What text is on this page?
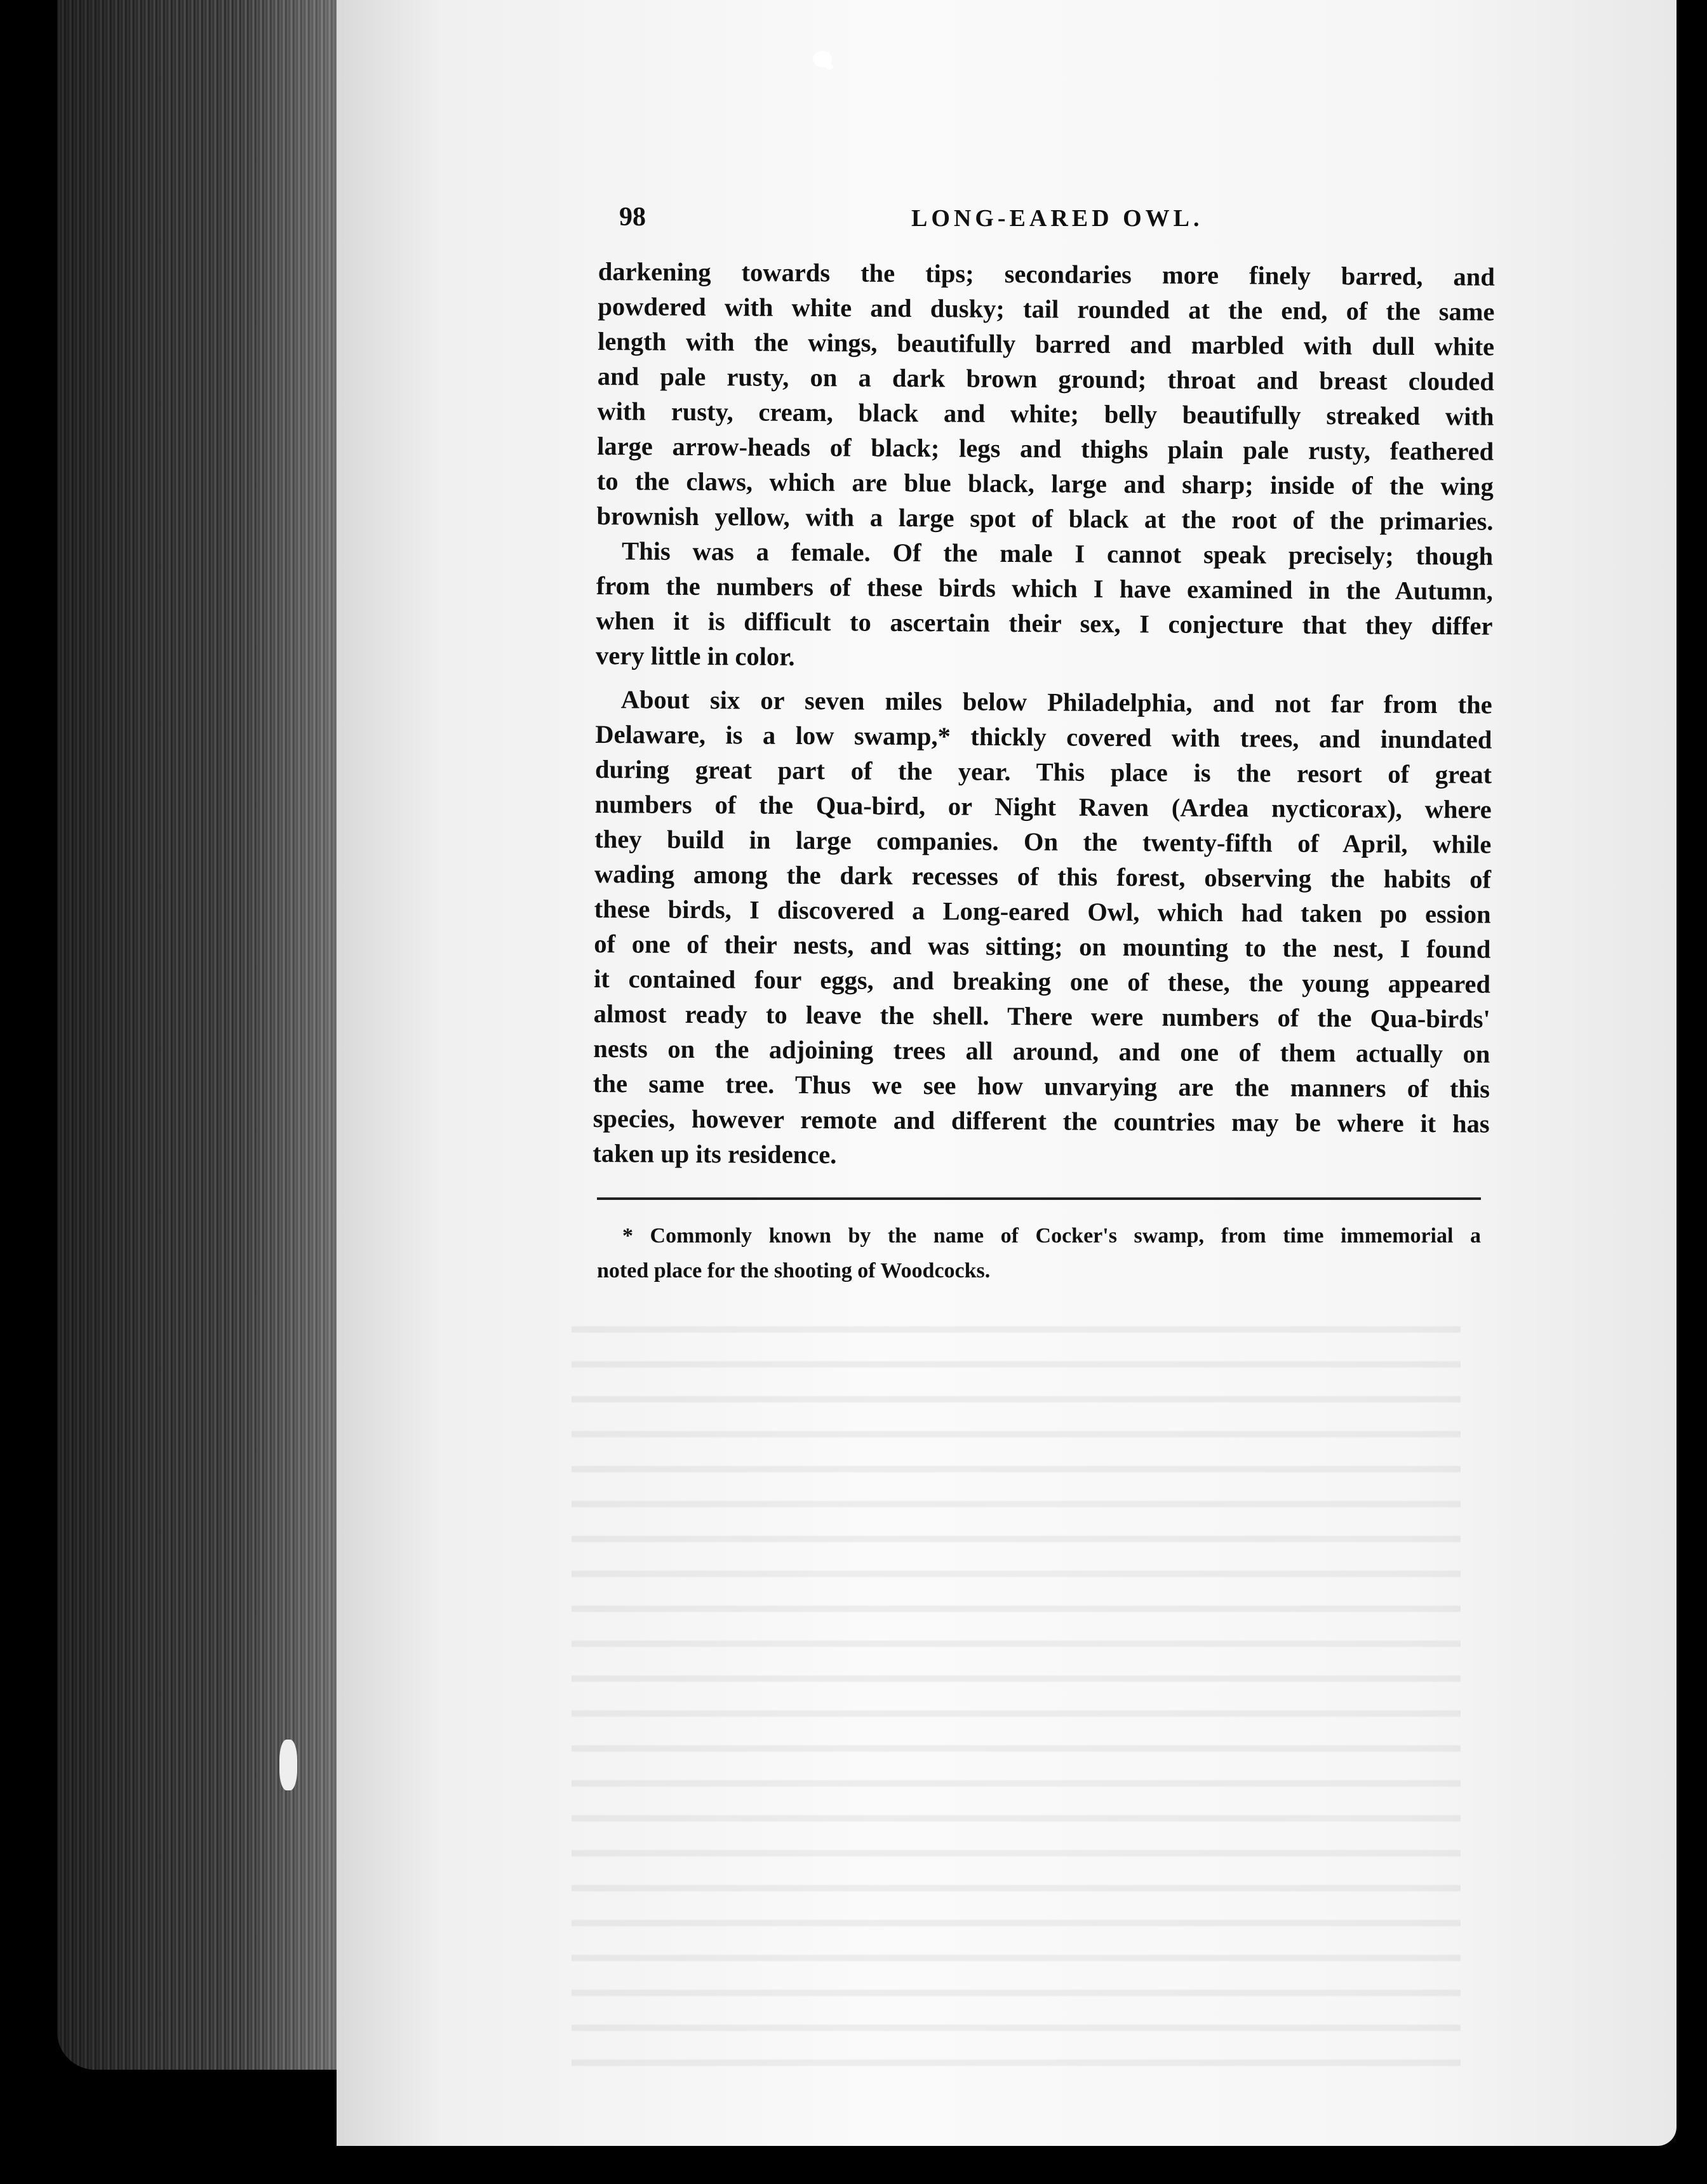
98	LONG-EARED OWL.
darkening towards the tips; secondaries more finely barred, and
powdered with white and dusky; tail rounded at the end, of the same
length with the wings, beautifully barred and marbled with dull white
and pale rusty, on a dark brown ground; throat and breast clouded
with rusty, cream, black and white; belly beautifully streaked with
large arrow-heads of black; legs and thighs plain pale rusty, feathered
to the claws, which are blue black, large and sharp; inside of the wing
brownish yellow, with a large spot of black at the root of the primaries.
This was a female. Of the male I cannot speak precisely; though
from the numbers of these birds which I have examined in the Autumn,
when it is difficult to ascertain their sex, I conjecture that they differ
very little in color.
About six or seven miles below Philadelphia, and not far from the
Delaware, is a low swamp,* thickly covered with trees, and inundated
during great part of the year. This place is the resort of great
numbers of the Qua-bird, or Night Raven (Ardea nycticorax), where
they build in large companies. On the twenty-fifth of April, while
wading among the dark recesses of this forest, observing the habits of
these birds, I discovered a Long-eared Owl, which had taken po ession
of one of their nests, and was sitting; on mounting to the nest, I found
it contained four eggs, and breaking one of these, the young appeared
almost ready to leave the shell. There were numbers of the Qua-birds'
nests on the adjoining trees all around, and one of them actually on
the same tree. Thus we see how unvarying are the manners of this
species, however remote and different the countries may be where it has
taken up its residence.
* Commonly known by the name of Cocker's swamp, from time immemorial a
noted place for the shooting of Woodcocks.
